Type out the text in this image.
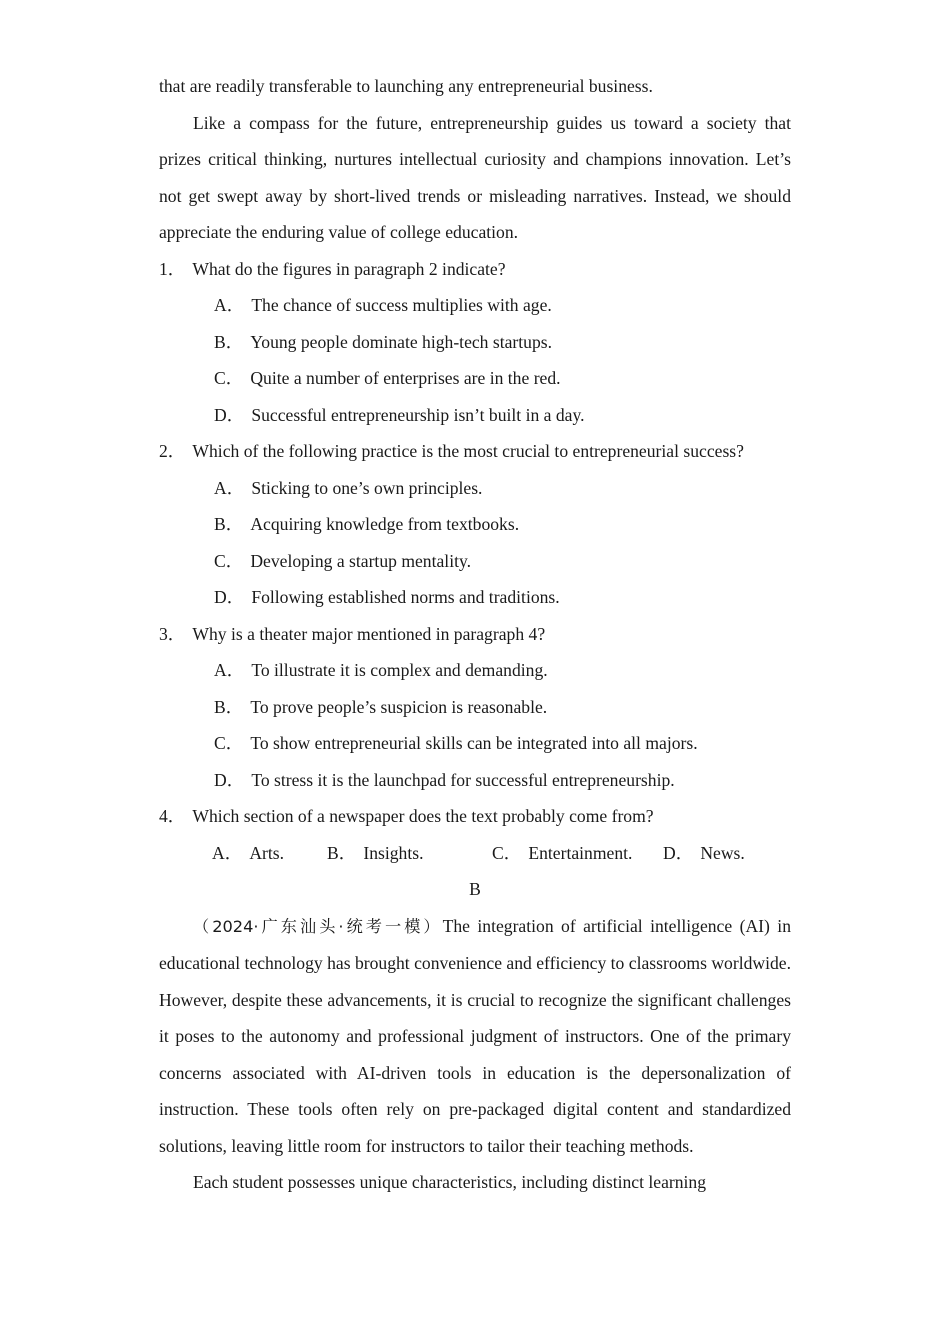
that are readily transferable to launching any entrepreneurial business.

Like a compass for the future, entrepreneurship guides us toward a society that prizes critical thinking, nurtures intellectual curiosity and champions innovation. Let’s not get swept away by short-lived trends or misleading narratives. Instead, we should appreciate the enduring value of college education.

1． What do the figures in paragraph 2 indicate?
A． The chance of success multiplies with age.
B． Young people dominate high-tech startups.
C． Quite a number of enterprises are in the red.
D． Successful entrepreneurship isn’t built in a day.
2． Which of the following practice is the most crucial to entrepreneurial success?
A． Sticking to one’s own principles.
B． Acquiring knowledge from textbooks.
C． Developing a startup mentality.
D． Following established norms and traditions.
3． Why is a theater major mentioned in paragraph 4?
A． To illustrate it is complex and demanding.
B． To prove people’s suspicion is reasonable.
C． To show entrepreneurial skills can be integrated into all majors.
D． To stress it is the launchpad for successful entrepreneurship.
4． Which section of a newspaper does the text probably come from?
A． Arts. B． Insights.	C． Entertainment. D． News.
B

（2024·广东汕头·统考一模）The integration of artificial intelligence (AI) in educational technology has brought convenience and efficiency to classrooms worldwide. However, despite these advancements, it is crucial to recognize the significant challenges it poses to the autonomy and professional judgment of instructors. One of the primary concerns associated with AI-driven tools in education is the depersonalization of instruction. These tools often rely on pre-packaged digital content and standardized solutions, leaving little room for instructors to tailor their teaching methods.

Each student possesses unique characteristics, including distinct learning
